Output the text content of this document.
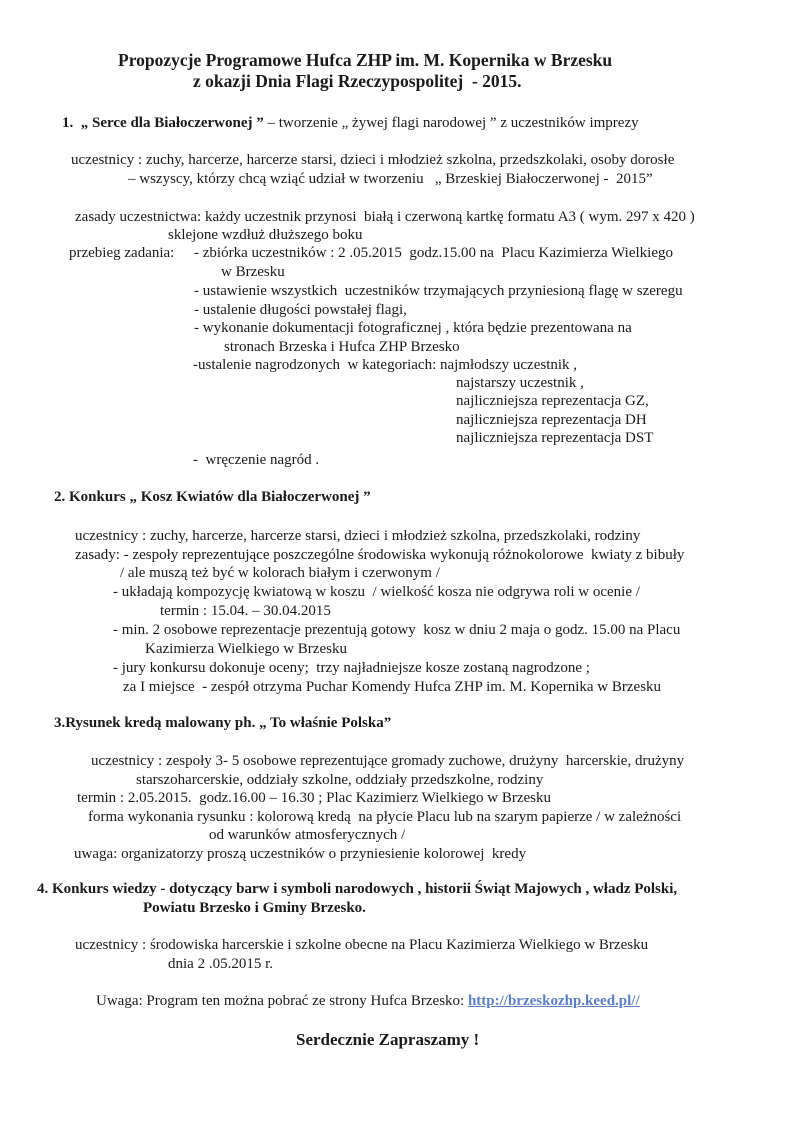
Propozycje Programowe Hufca ZHP im. M. Kopernika w Brzesku
z okazji Dnia Flagi Rzeczypospolitej  - 2015.
1. „ Serce dla Białoczerwonej ” – tworzenie „ żywej flagi narodowej ” z uczestników imprezy
uczestnicy : zuchy, harcerze, harcerze starsi, dzieci i młodzież szkolna, przedszkolaki, osoby dorosłe
– wszyscy, którzy chcą wziąć udział w tworzeniu   „ Brzeskiej Białoczerwonej -  2015”
zasady uczestnictwa: każdy uczestnik przynosi  białą i czerwoną kartkę formatu A3 ( wym. 297 x 420 )
sklejone wzdłuż dłuższego boku
przebieg zadania: - zbiórka uczestników : 2 .05.2015  godz.15.00 na  Placu Kazimierza Wielkiego
w Brzesku
- ustawienie wszystkich  uczestników trzymających przyniesioną flagę w szeregu
- ustalenie długości powstałej flagi,
- wykonanie dokumentacji fotograficznej , która będzie prezentowana na
stronach Brzeska i Hufca ZHP Brzesko
-ustalenie nagrodzonych  w kategoriach: najmłodszy uczestnik ,
najstarszy uczestnik ,
najliczniejsza reprezentacja GZ,
najliczniejsza reprezentacja DH
najliczniejsza reprezentacja DST
-  wręczenie nagród .
2. Konkurs „ Kosz Kwiatów dla Białoczerwonej ”
uczestnicy : zuchy, harcerze, harcerze starsi, dzieci i młodzież szkolna, przedszkolaki, rodziny
zasady: - zespoły reprezentujące poszczególne środowiska wykonują różnokolorowe  kwiaty z bibuły
/ ale muszą też być w kolorach białym i czerwonym /
- układają kompozycję kwiatową w koszu  / wielkość kosza nie odgrywa roli w ocenie /
termin : 15.04. – 30.04.2015
- min. 2 osobowe reprezentacje prezentują gotowy  kosz w dniu 2 maja o godz. 15.00 na Placu
Kazimierza Wielkiego w Brzesku
- jury konkursu dokonuje oceny;  trzy najładniejsze kosze zostaną nagrodzone ;
za I miejsce  - zespół otrzyma Puchar Komendy Hufca ZHP im. M. Kopernika w Brzesku
3.Rysunek kredą malowany ph. „ To właśnie Polska”
uczestnicy : zespoły 3- 5 osobowe reprezentujące gromady zuchowe, drużyny  harcerskie, drużyny
starszoharcerskie, oddziały szkolne, oddziały przedszkolne, rodziny
termin : 2.05.2015.  godz.16.00 – 16.30 ; Plac Kazimierz Wielkiego w Brzesku
forma wykonania rysunku : kolorową kredą  na płycie Placu lub na szarym papierze / w zależności
od warunków atmosferycznych /
uwaga: organizatorzy proszą uczestników o przyniesienie kolorowej  kredy
4. Konkurs wiedzy - dotyczący barw i symboli narodowych , historii Świąt Majowych , władz Polski,
Powiatu Brzesko i Gminy Brzesko.
uczestnicy : środowiska harcerskie i szkolne obecne na Placu Kazimierza Wielkiego w Brzesku
dnia 2 .05.2015 r.
Uwaga: Program ten można pobrać ze strony Hufca Brzesko: http://brzeskozhp.keed.pl//
Serdecznie Zapraszamy !
